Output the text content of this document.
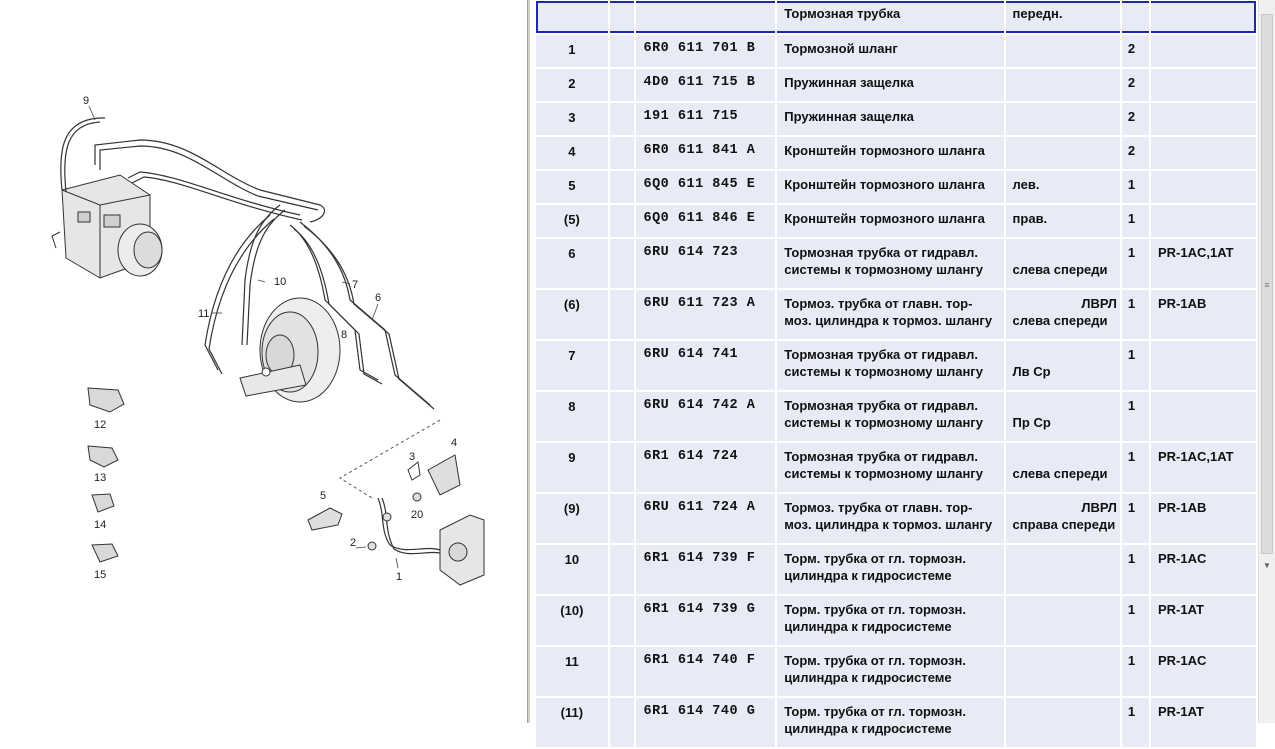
9
10
11
7
8
6
12
13
14
15
3
4
5
2
20
1

			Тормозная трубка	передн.		

1		6R0 611 701 B	Тормозной шланг		2	
2		4D0 611 715 B	Пружинная защелка		2	
3		191 611 715	Пружинная защелка		2	
4		6R0 611 841 A	Кронштейн тормозного шланга		2	
5		6Q0 611 845 E	Кронштейн тормозного шланга	лев.	1	
(5)		6Q0 611 846 E	Кронштейн тормозного шланга	прав.	1	
6		6RU 614 723	Тормозная трубка от гидравл.
системы к тормозному шлангу	слева спереди	1	PR-1AC,1AT
(6)		6RU 611 723 A	Тормоз. трубка от главн. тор-
моз. цилиндра к тормоз. шлангу	ЛВРЛ
слева спереди	1	PR-1AB
7		6RU 614 741	Тормозная трубка от гидравл.
системы к тормозному шлангу	Лв Ср	1	
8		6RU 614 742 A	Тормозная трубка от гидравл.
системы к тормозному шлангу	Пр Ср	1	
9		6R1 614 724	Тормозная трубка от гидравл.
системы к тормозному шлангу	слева спереди	1	PR-1AC,1AT
(9)		6RU 611 724 A	Тормоз. трубка от главн. тор-
моз. цилиндра к тормоз. шлангу	ЛВРЛ
справа спереди	1	PR-1AB
10		6R1 614 739 F	Торм. трубка от гл. тормозн.
цилиндра к гидросистеме		1	PR-1AC
(10)		6R1 614 739 G	Торм. трубка от гл. тормозн.
цилиндра к гидросистеме		1	PR-1AT
11		6R1 614 740 F	Торм. трубка от гл. тормозн.
цилиндра к гидросистеме		1	PR-1AC
(11)		6R1 614 740 G	Торм. трубка от гл. тормозн.
цилиндра к гидросистеме		1	PR-1AT
≡
▼
